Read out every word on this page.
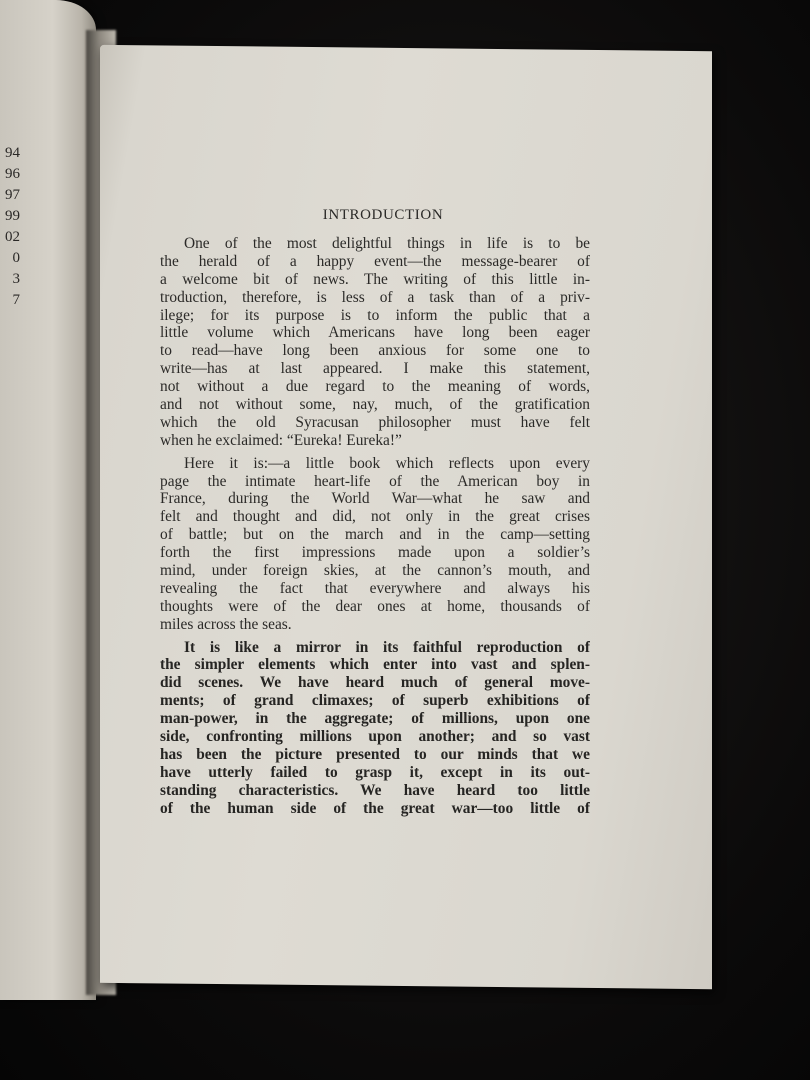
94
96
97
99
02
0
3
7
INTRODUCTION
One of the most delightful things in life is to be
the herald of a happy event—the message-bearer of
a welcome bit of news. The writing of this little in-
troduction, therefore, is less of a task than of a priv-
ilege; for its purpose is to inform the public that a
little volume which Americans have long been eager
to read—have long been anxious for some one to
write—has at last appeared. I make this statement,
not without a due regard to the meaning of words,
and not without some, nay, much, of the gratification
which the old Syracusan philosopher must have felt
when he exclaimed: “Eureka! Eureka!”
Here it is:—a little book which reflects upon every
page the intimate heart-life of the American boy in
France, during the World War—what he saw and
felt and thought and did, not only in the great crises
of battle; but on the march and in the camp—setting
forth the first impressions made upon a soldier’s
mind, under foreign skies, at the cannon’s mouth, and
revealing the fact that everywhere and always his
thoughts were of the dear ones at home, thousands of
miles across the seas.
It is like a mirror in its faithful reproduction of
the simpler elements which enter into vast and splen-
did scenes. We have heard much of general move-
ments; of grand climaxes; of superb exhibitions of
man-power, in the aggregate; of millions, upon one
side, confronting millions upon another; and so vast
has been the picture presented to our minds that we
have utterly failed to grasp it, except in its out-
standing characteristics. We have heard too little
of the human side of the great war—too little of
